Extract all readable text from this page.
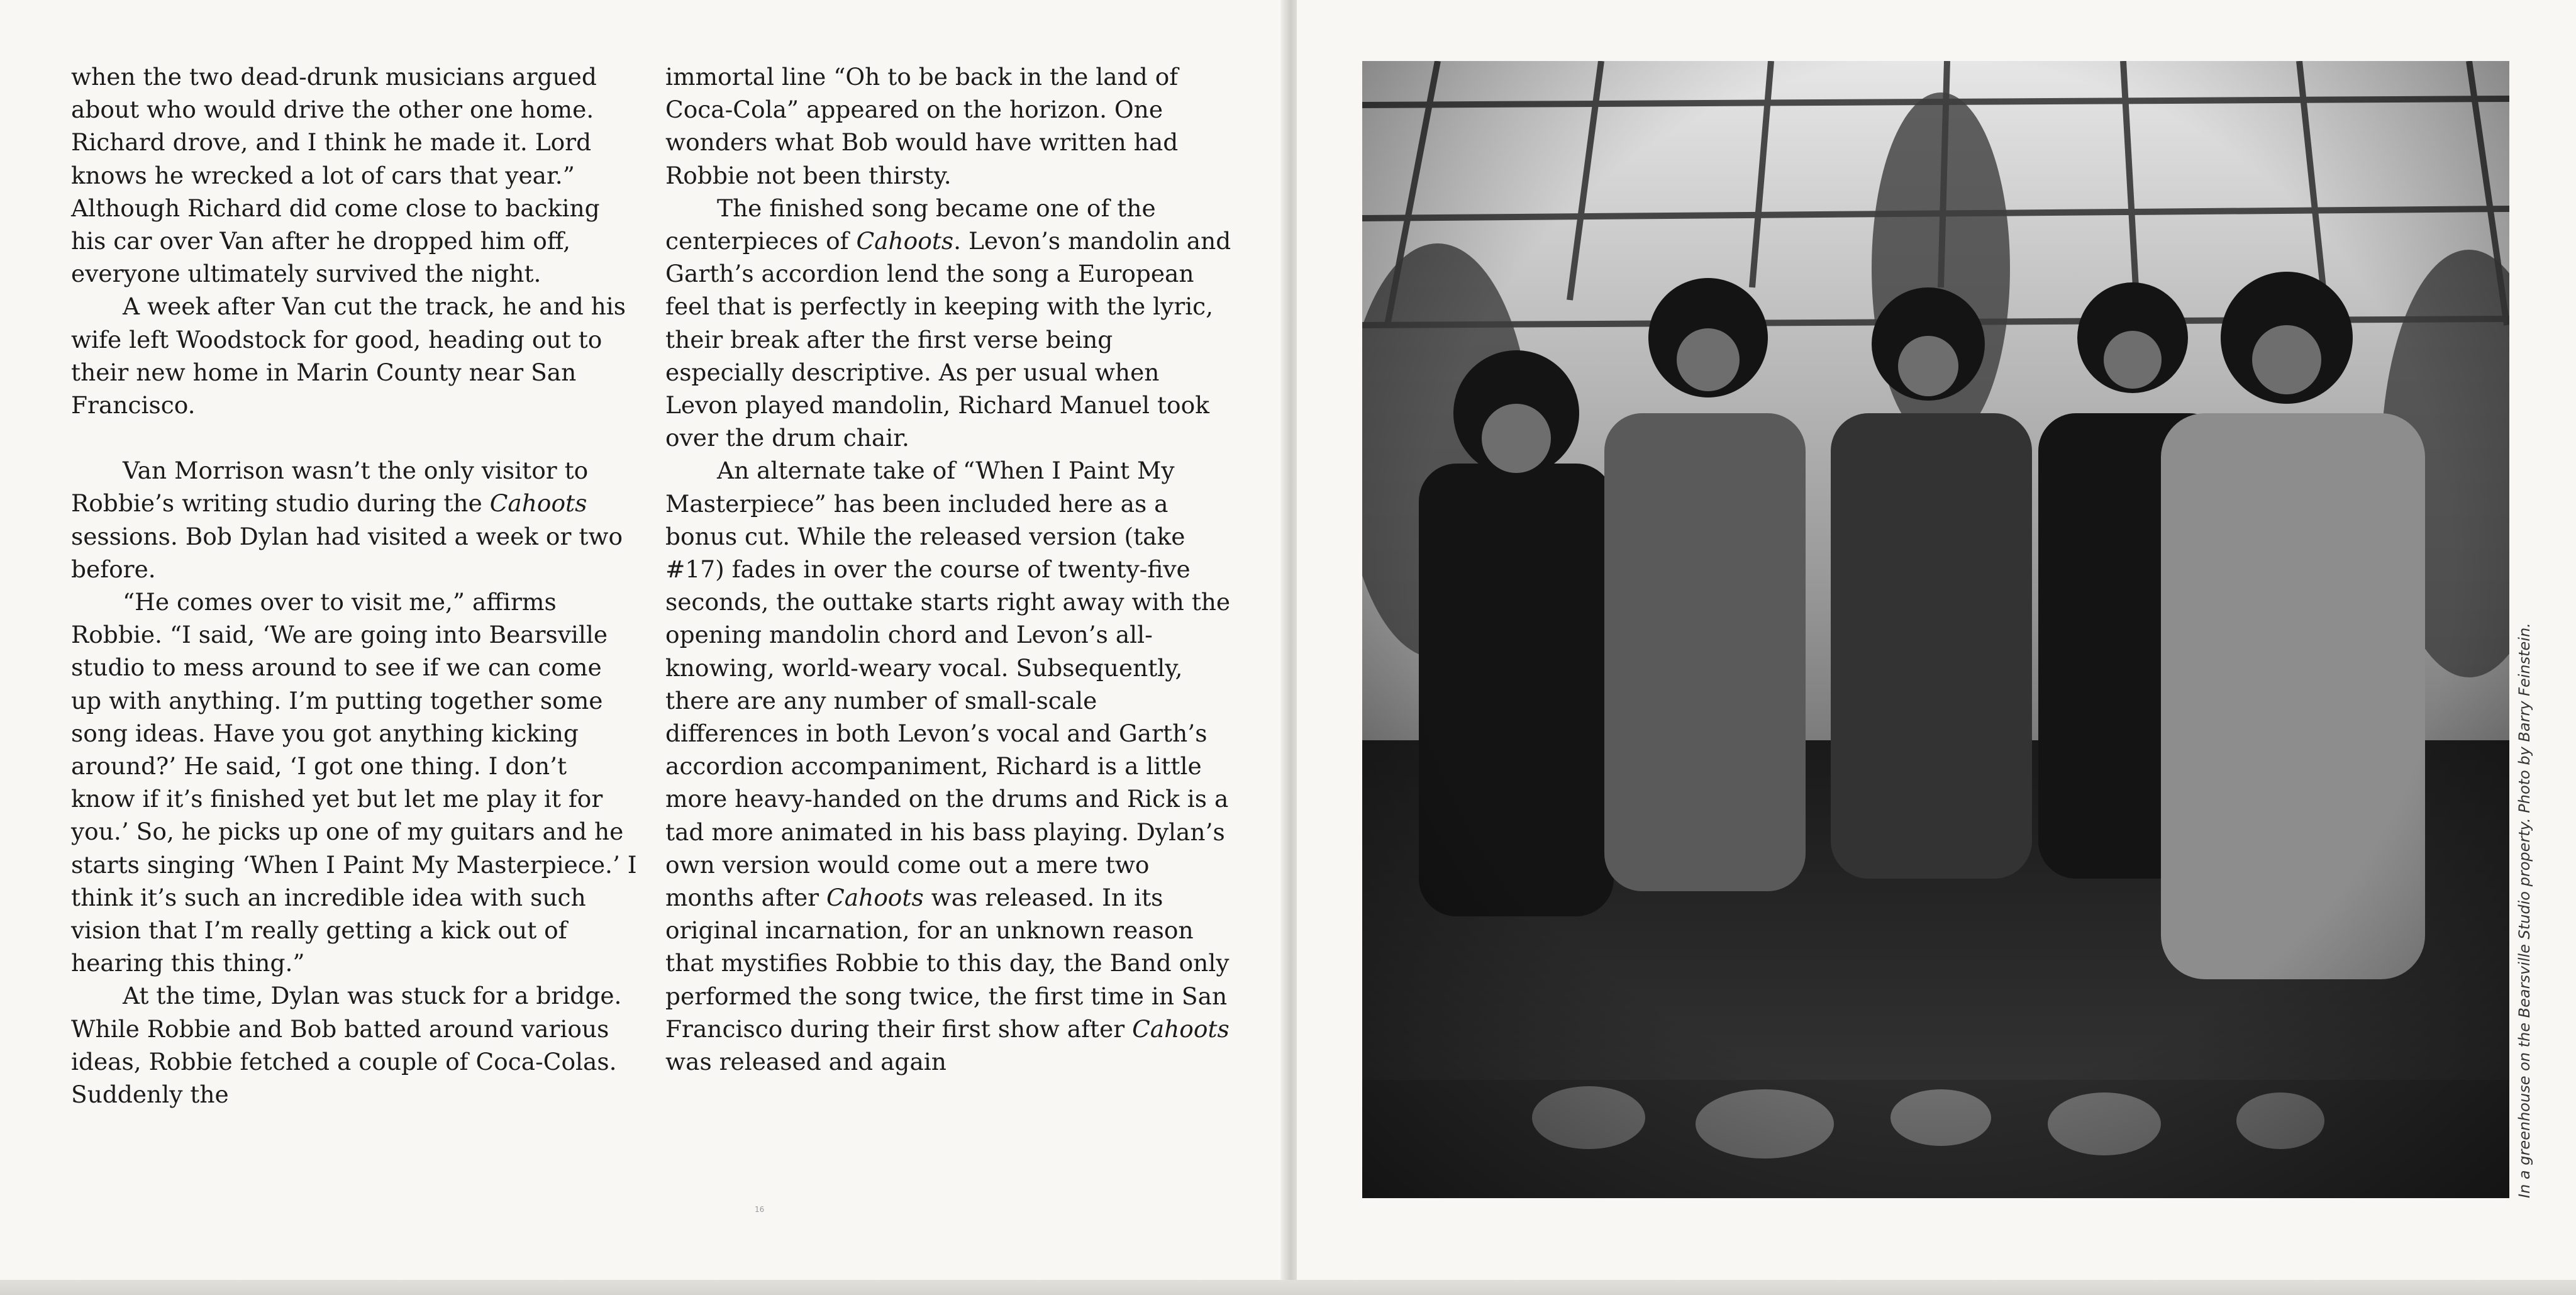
when the two dead-drunk musicians argued about who would drive the other one home. Richard drove, and I think he made it. Lord knows he wrecked a lot of cars that year.” Although Richard did come close to backing his car over Van after he dropped him off, everyone ultimately survived the night.

A week after Van cut the track, he and his wife left Woodstock for good, heading out to their new home in Marin County near San Francisco.

Van Morrison wasn’t the only visitor to Robbie’s writing studio during the Cahoots sessions. Bob Dylan had visited a week or two before.

“He comes over to visit me,” affirms Robbie. “I said, ‘We are going into Bearsville studio to mess around to see if we can come up with anything. I’m putting together some song ideas. Have you got anything kicking around?’ He said, ‘I got one thing. I don’t know if it’s finished yet but let me play it for you.’ So, he picks up one of my guitars and he starts singing ‘When I Paint My Masterpiece.’ I think it’s such an incredible idea with such vision that I’m really getting a kick out of hearing this thing.”

At the time, Dylan was stuck for a bridge. While Robbie and Bob batted around various ideas, Robbie fetched a couple of Coca-Colas. Suddenly the

immortal line “Oh to be back in the land of Coca-Cola” appeared on the horizon. One wonders what Bob would have written had Robbie not been thirsty.

The finished song became one of the centerpieces of Cahoots. Levon’s mandolin and Garth’s accordion lend the song a European feel that is perfectly in keeping with the lyric, their break after the first verse being especially descriptive. As per usual when Levon played mandolin, Richard Manuel took over the drum chair.

An alternate take of “When I Paint My Masterpiece” has been included here as a bonus cut. While the released version (take #17) fades in over the course of twenty-five seconds, the outtake starts right away with the opening mandolin chord and Levon’s all-knowing, world-weary vocal. Subsequently, there are any number of small-scale differences in both Levon’s vocal and Garth’s accordion accompaniment, Richard is a little more heavy-handed on the drums and Rick is a tad more animated in his bass playing. Dylan’s own version would come out a mere two months after Cahoots was released. In its original incarnation, for an unknown reason that mystifies Robbie to this day, the Band only performed the song twice, the first time in San Francisco during their first show after Cahoots was released and again

16
In a greenhouse on the Bearsville Studio property. Photo by Barry Feinstein.
